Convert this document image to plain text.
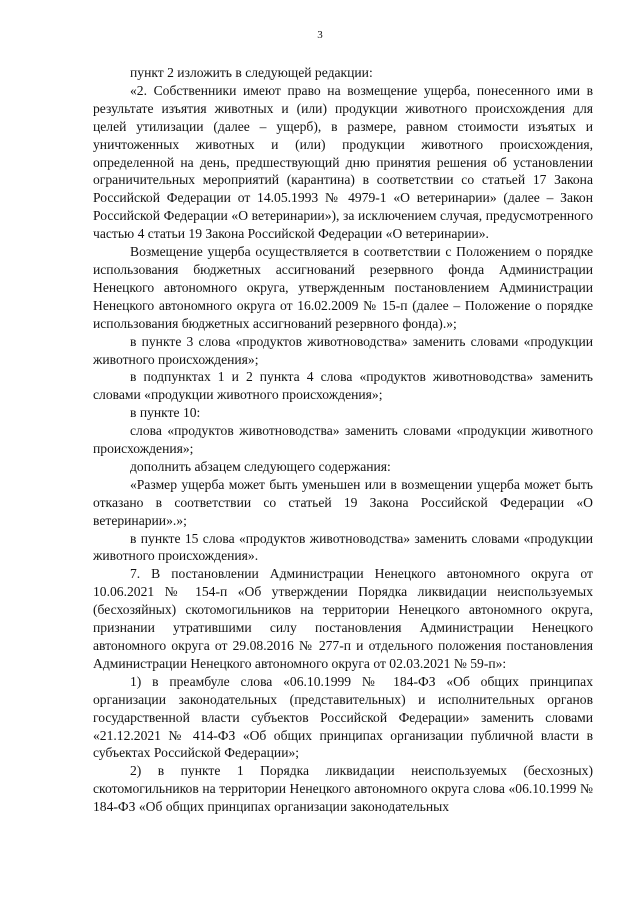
3

пункт 2 изложить в следующей редакции:

«2. Собственники имеют право на возмещение ущерба, понесенного ими в результате изъятия животных и (или) продукции животного происхождения для целей утилизации (далее – ущерб), в размере, равном стоимости изъятых и уничтоженных животных и (или) продукции животного происхождения, определенной на день, предшествующий дню принятия решения об установлении ограничительных мероприятий (карантина) в соответствии со статьей 17 Закона Российской Федерации от 14.05.1993 № 4979-1 «О ветеринарии» (далее – Закон Российской Федерации «О ветеринарии»), за исключением случая, предусмотренного частью 4 статьи 19 Закона Российской Федерации «О ветеринарии».

Возмещение ущерба осуществляется в соответствии с Положением о порядке использования бюджетных ассигнований резервного фонда Администрации Ненецкого автономного округа, утвержденным постановлением Администрации Ненецкого автономного округа от 16.02.2009 № 15-п (далее – Положение о порядке использования бюджетных ассигнований резервного фонда).»;

в пункте 3 слова «продуктов животноводства» заменить словами «продукции животного происхождения»;

в подпунктах 1 и 2 пункта 4 слова «продуктов животноводства» заменить словами «продукции животного происхождения»;

в пункте 10:

слова «продуктов животноводства» заменить словами «продукции животного происхождения»;

дополнить абзацем следующего содержания:

«Размер ущерба может быть уменьшен или в возмещении ущерба может быть отказано в соответствии со статьей 19 Закона Российской Федерации «О ветеринарии».»;

в пункте 15 слова «продуктов животноводства» заменить словами «продукции животного происхождения».

7. В постановлении Администрации Ненецкого автономного округа от 10.06.2021 № 154-п «Об утверждении Порядка ликвидации неиспользуемых (бесхозяйных) скотомогильников на территории Ненецкого автономного округа, признании утратившими силу постановления Администрации Ненецкого автономного округа от 29.08.2016 № 277-п и отдельного положения постановления Администрации Ненецкого автономного округа от 02.03.2021 № 59-п»:

1) в преамбуле слова «06.10.1999 № 184-ФЗ «Об общих принципах организации законодательных (представительных) и исполнительных органов государственной власти субъектов Российской Федерации» заменить словами «21.12.2021 № 414-ФЗ «Об общих принципах организации публичной власти в субъектах Российской Федерации»;

2) в пункте 1 Порядка ликвидации неиспользуемых (бесхозных) скотомогильников на территории Ненецкого автономного округа слова «06.10.1999 № 184-ФЗ «Об общих принципах организации законодательных
